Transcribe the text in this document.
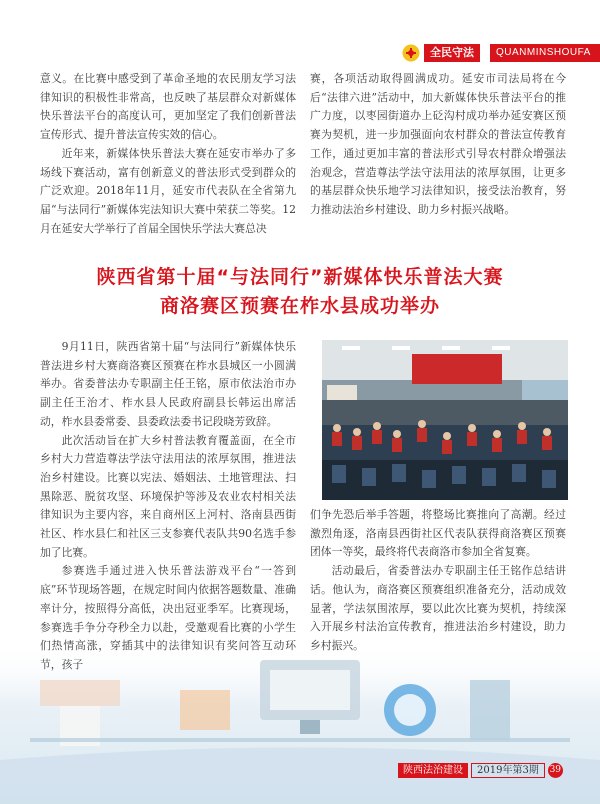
全民守法	QUANMINSHOUFA

意义。在比赛中感受到了革命圣地的农民朋友学习法律知识的积极性非常高，也反映了基层群众对新媒体快乐普法平台的高度认可，更加坚定了我们创新普法宣传形式、提升普法宣传实效的信心。

近年来，新媒体快乐普法大赛在延安市举办了多场线下赛活动，富有创新意义的普法形式受到群众的广泛欢迎。2018年11月，延安市代表队在全省第九届“与法同行”新媒体宪法知识大赛中荣获二等奖。12月在延安大学举行了首届全国快乐学法大赛总决

赛，各项活动取得圆满成功。延安市司法局将在今后“法律六进”活动中，加大新媒体快乐普法平台的推广力度，以枣园街道办上砭沟村成功举办延安赛区预赛为契机，进一步加强面向农村群众的普法宣传教育工作，通过更加丰富的普法形式引导农村群众增强法治观念，营造尊法学法守法用法的浓厚氛围，让更多的基层群众快乐地学习法律知识，接受法治教育，努力推动法治乡村建设、助力乡村振兴战略。

陕西省第十届“与法同行”新媒体快乐普法大赛
商洛赛区预赛在柞水县成功举办

9月11日，陕西省第十届“与法同行”新媒体快乐普法进乡村大赛商洛赛区预赛在柞水县城区一小圆满举办。省委普法办专职副主任王铭，原市依法治市办副主任王治才、柞水县人民政府副县长韩运出席活动，柞水县委常委、县委政法委书记段晓芳致辞。

此次活动旨在扩大乡村普法教育覆盖面，在全市乡村大力营造尊法学法守法用法的浓厚氛围，推进法治乡村建设。比赛以宪法、婚姻法、土地管理法、扫黑除恶、脱贫攻坚、环境保护等涉及农业农村相关法律知识为主要内容，来自商州区上河村、洛南县西街社区、柞水县仁和社区三支参赛代表队共90名选手参加了比赛。

参赛选手通过进入快乐普法游戏平台“一答到底”环节现场答题，在规定时间内依据答题数量、准确率计分，按照得分高低，决出冠亚季军。比赛现场，参赛选手争分夺秒全力以赴，受邀观看比赛的小学生们热情高涨，穿插其中的法律知识有奖问答互动环节，孩子

们争先恐后举手答题，将整场比赛推向了高潮。经过激烈角逐，洛南县西街社区代表队获得商洛赛区预赛团体一等奖，最终将代表商洛市参加全省复赛。

活动最后，省委普法办专职副主任王铭作总结讲话。他认为，商洛赛区预赛组织准备充分，活动成效显著，学法氛围浓厚，要以此次比赛为契机，持续深入开展乡村法治宣传教育，推进法治乡村建设，助力乡村振兴。

陕西法治建设	2019年第3期	39
